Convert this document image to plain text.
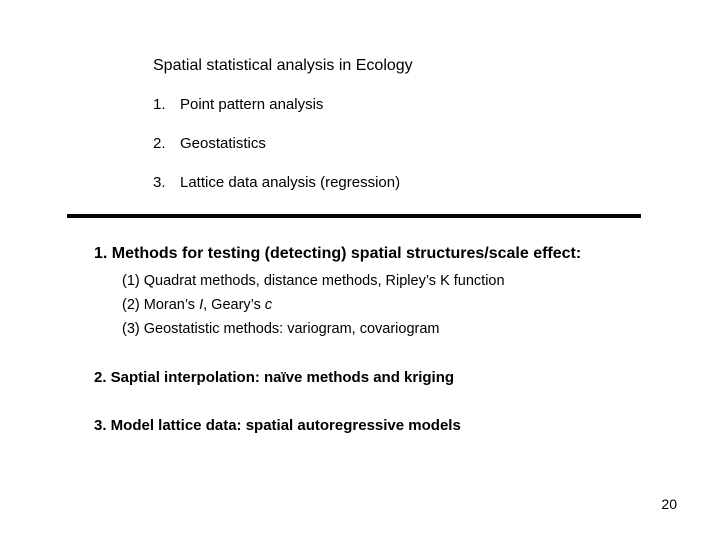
Spatial statistical analysis in Ecology
1. Point pattern analysis
2. Geostatistics
3. Lattice data analysis (regression)
1. Methods for testing (detecting) spatial structures/scale effect:
(1) Quadrat methods, distance methods, Ripley’s K function
(2) Moran’s I, Geary’s c
(3) Geostatistic methods: variogram, covariogram
2. Saptial interpolation: naïve methods and kriging
3. Model lattice data: spatial autoregressive models
20
